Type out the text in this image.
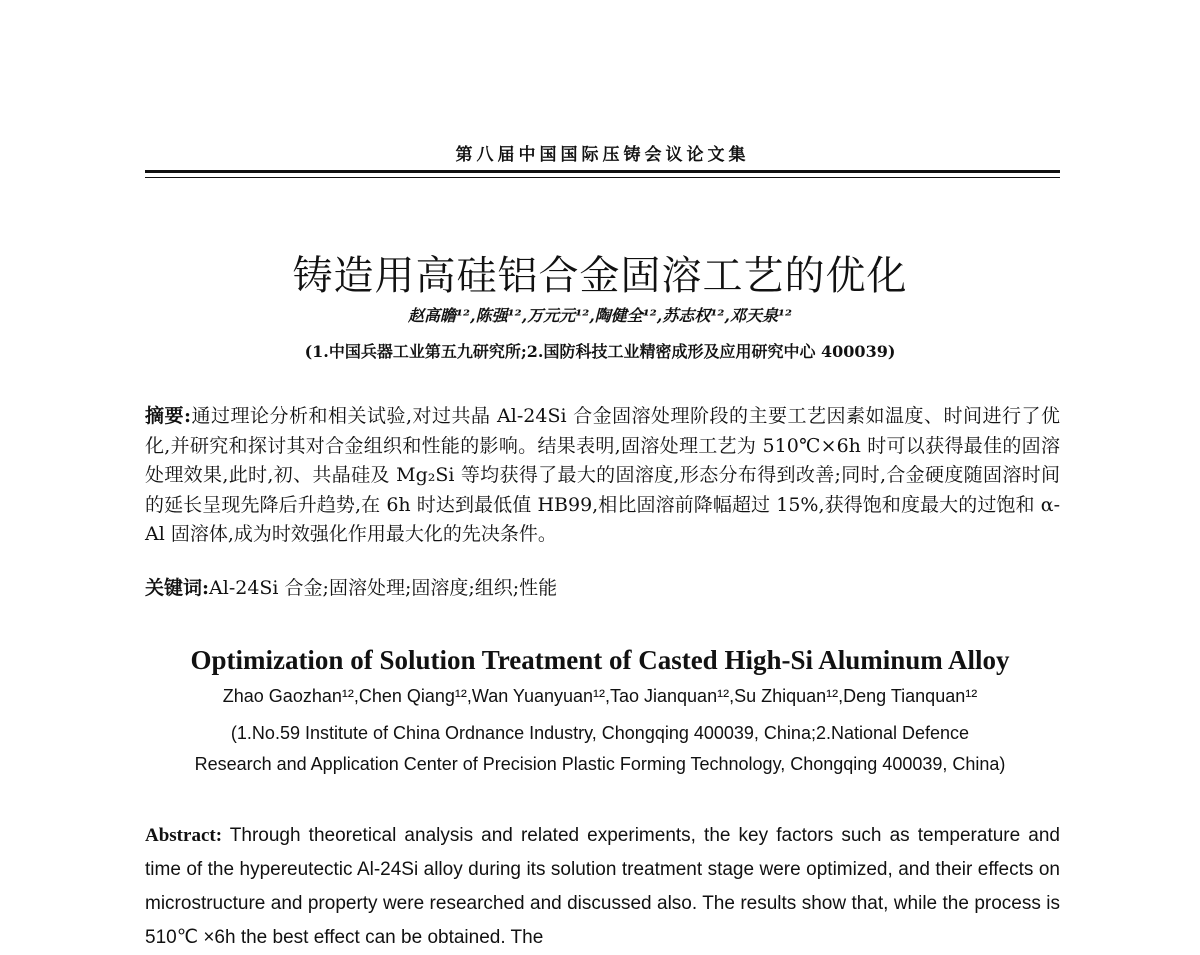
第八届中国国际压铸会议论文集
铸造用高硅铝合金固溶工艺的优化
赵高瞻¹²,陈强¹²,万元元¹²,陶健全¹²,苏志权¹²,邓天泉¹²
(1.中国兵器工业第五九研究所;2.国防科技工业精密成形及应用研究中心 400039)
摘要:通过理论分析和相关试验,对过共晶 Al-24Si 合金固溶处理阶段的主要工艺因素如温度、时间进行了优化,并研究和探讨其对合金组织和性能的影响。结果表明,固溶处理工艺为 510℃×6h 时可以获得最佳的固溶处理效果,此时,初、共晶硅及 Mg₂Si 等均获得了最大的固溶度,形态分布得到改善;同时,合金硬度随固溶时间的延长呈现先降后升趋势,在 6h 时达到最低值 HB99,相比固溶前降幅超过 15%,获得饱和度最大的过饱和 α-Al 固溶体,成为时效强化作用最大化的先决条件。
关键词:Al-24Si 合金;固溶处理;固溶度;组织;性能
Optimization of Solution Treatment of Casted High-Si Aluminum Alloy
Zhao Gaozhan¹²,Chen Qiang¹²,Wan Yuanyuan¹²,Tao Jianquan¹²,Su Zhiquan¹²,Deng Tianquan¹²
(1.No.59 Institute of China Ordnance Industry, Chongqing 400039, China;2.National Defence
Research and Application Center of Precision Plastic Forming Technology, Chongqing 400039, China)
Abstract: Through theoretical analysis and related experiments, the key factors such as temperature and time of the hypereutectic Al-24Si alloy during its solution treatment stage were optimized, and their effects on microstructure and property were researched and discussed also. The results show that, while the process is 510℃ ×6h the best effect can be obtained. The
